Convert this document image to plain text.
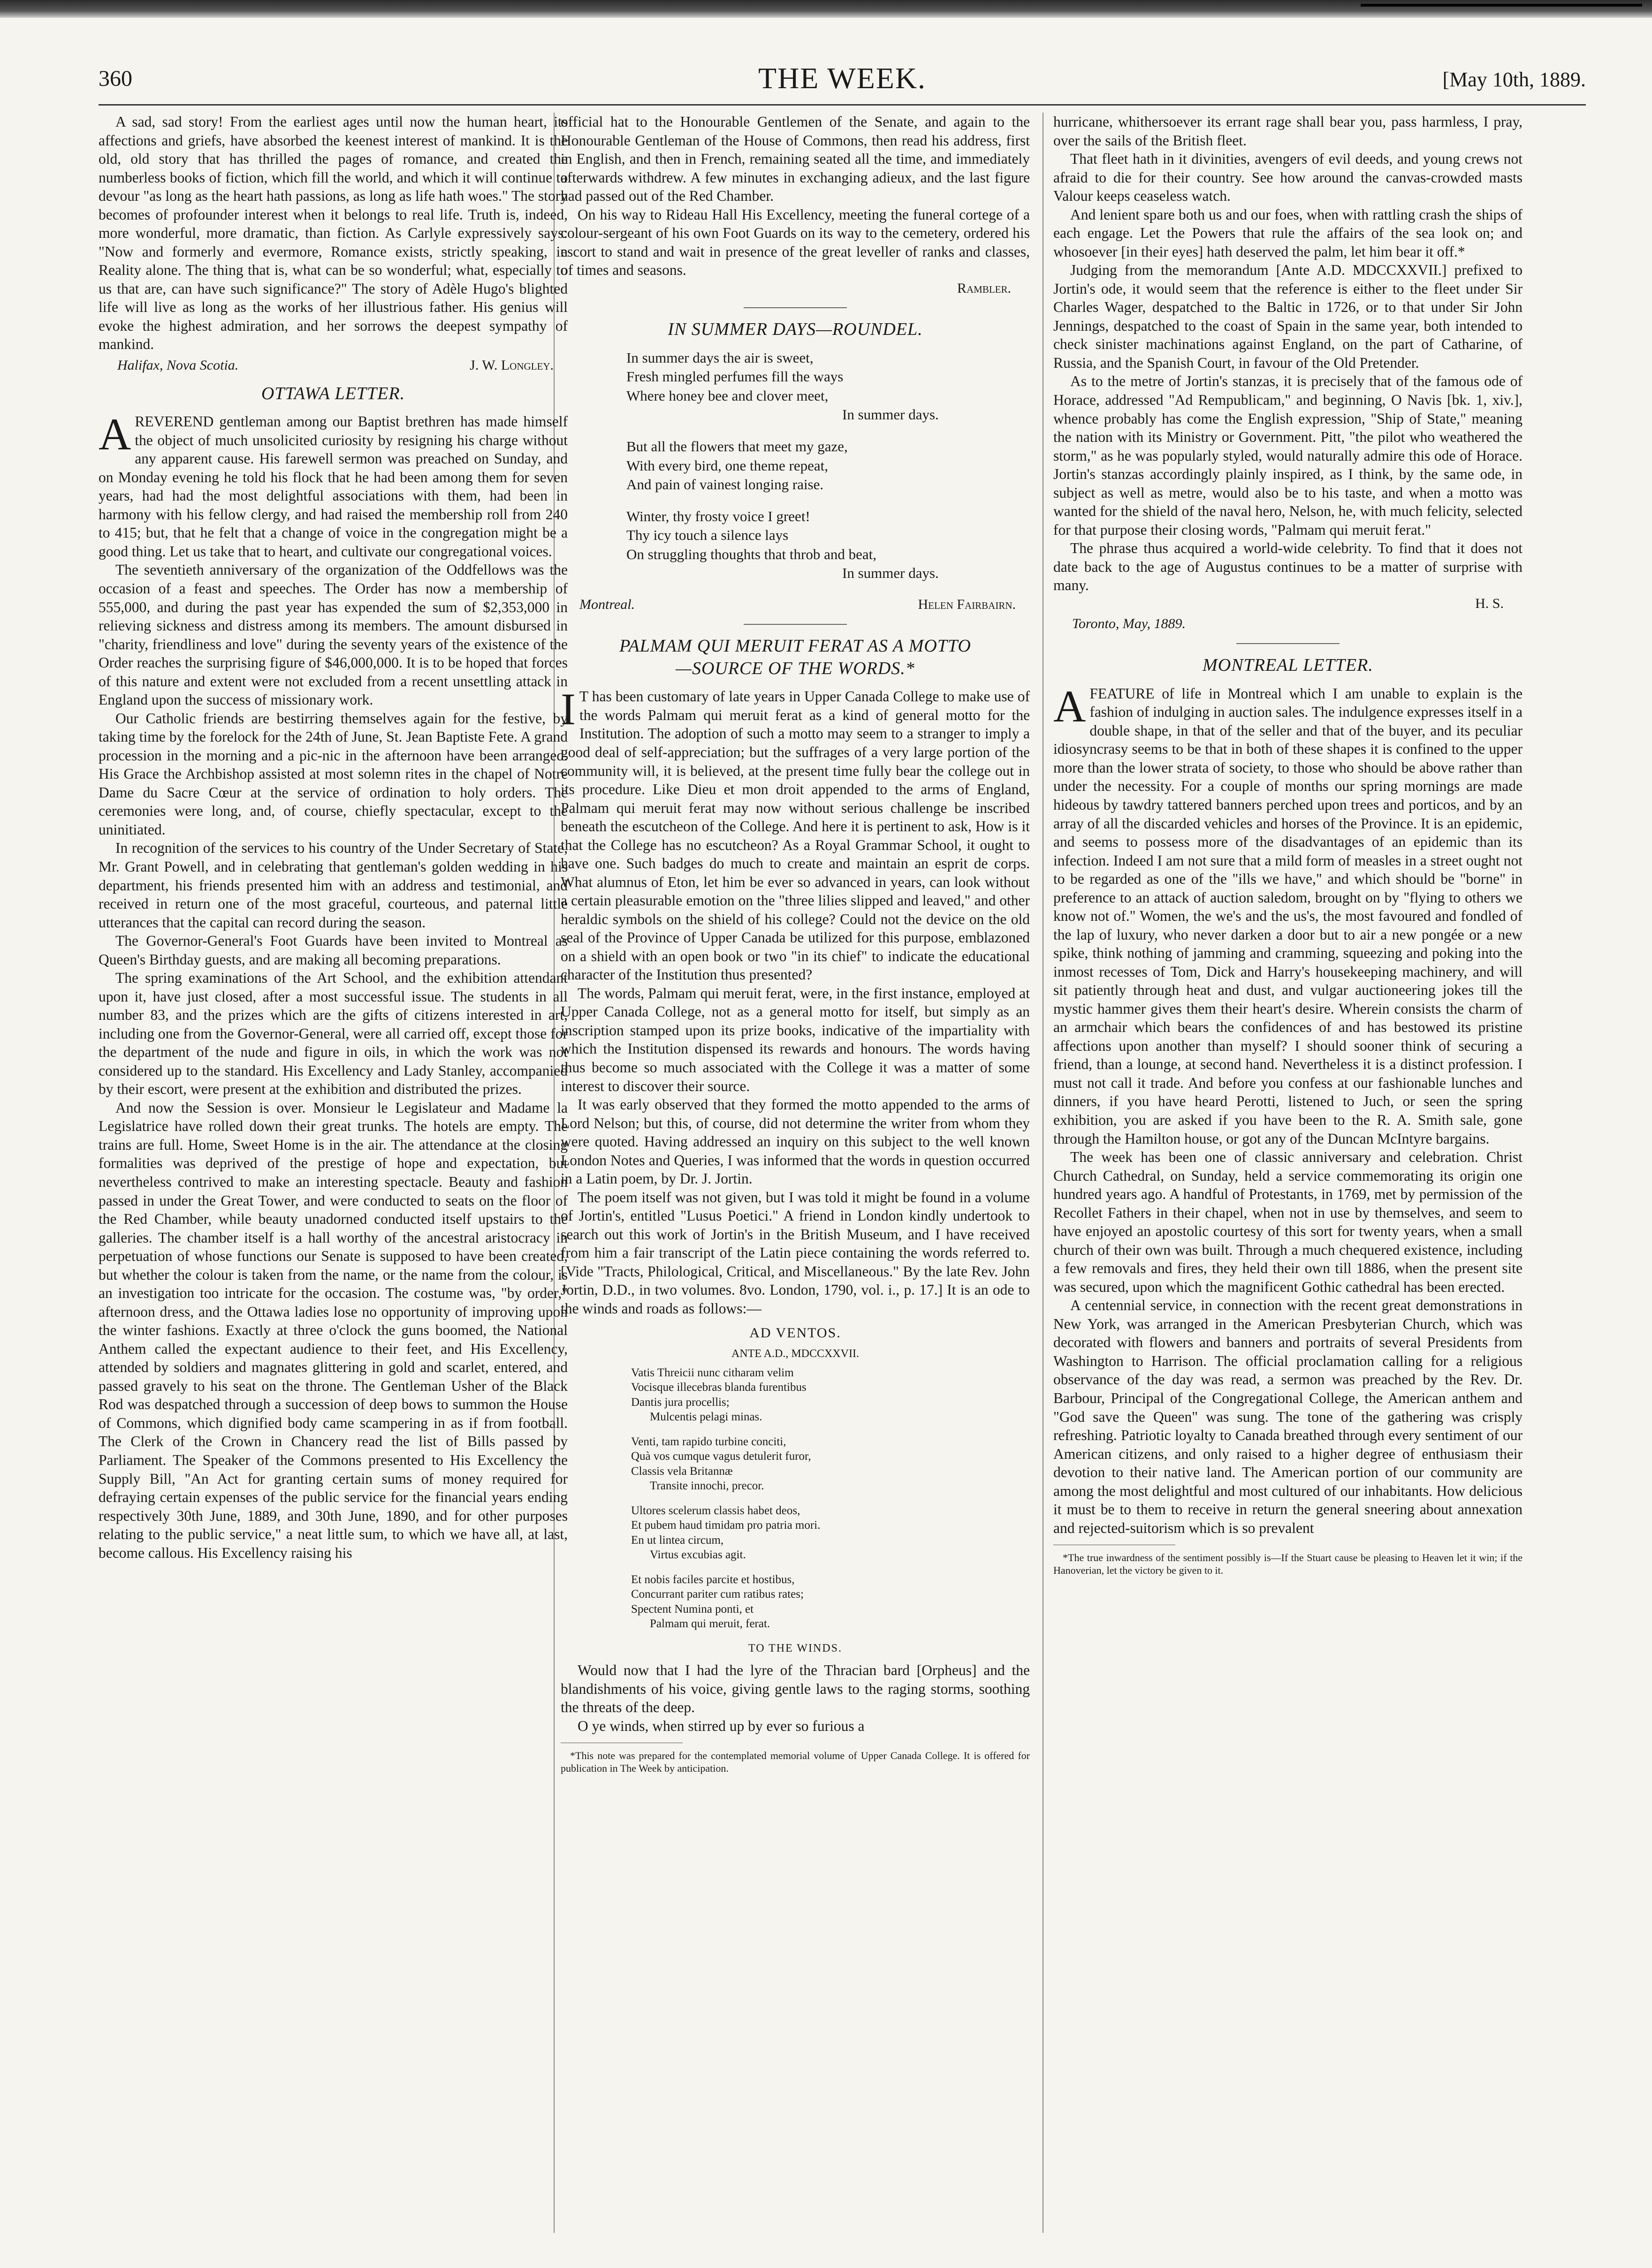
THE WEEK.
360	[May 10th, 1889.

A sad, sad story! From the earliest ages until now the human heart, its affections and griefs, have absorbed the keenest interest of mankind. It is the old, old story that has thrilled the pages of romance, and created the numberless books of fiction, which fill the world, and which it will continue to devour "as long as the heart hath passions, as long as life hath woes." The story becomes of profounder interest when it belongs to real life. Truth is, indeed, more wonderful, more dramatic, than fiction. As Carlyle expressively says: "Now and formerly and evermore, Romance exists, strictly speaking, in Reality alone. The thing that is, what can be so wonderful; what, especially to us that are, can have such significance?" The story of Adèle Hugo's blighted life will live as long as the works of her illustrious father. His genius will evoke the highest admiration, and her sorrows the deepest sympathy of mankind.

Halifax, Nova Scotia.	J. W. Longley.
OTTAWA LETTER.

AREVEREND gentleman among our Baptist brethren has made himself the object of much unsolicited curiosity by resigning his charge without any apparent cause. His farewell sermon was preached on Sunday, and on Monday evening he told his flock that he had been among them for seven years, had had the most delightful associations with them, had been in harmony with his fellow clergy, and had raised the membership roll from 240 to 415; but, that he felt that a change of voice in the congregation might be a good thing. Let us take that to heart, and cultivate our congregational voices.

The seventieth anniversary of the organization of the Oddfellows was the occasion of a feast and speeches. The Order has now a membership of 555,000, and during the past year has expended the sum of $2,353,000 in relieving sickness and distress among its members. The amount disbursed in "charity, friendliness and love" during the seventy years of the existence of the Order reaches the surprising figure of $46,000,000. It is to be hoped that forces of this nature and extent were not excluded from a recent unsettling attack in England upon the success of missionary work.

Our Catholic friends are bestirring themselves again for the festive, by taking time by the forelock for the 24th of June, St. Jean Baptiste Fete. A grand procession in the morning and a pic-nic in the afternoon have been arranged. His Grace the Archbishop assisted at most solemn rites in the chapel of Notre Dame du Sacre Cœur at the service of ordination to holy orders. The ceremonies were long, and, of course, chiefly spectacular, except to the uninitiated.

In recognition of the services to his country of the Under Secretary of State, Mr. Grant Powell, and in celebrating that gentleman's golden wedding in his department, his friends presented him with an address and testimonial, and received in return one of the most graceful, courteous, and paternal little utterances that the capital can record during the season.

The Governor-General's Foot Guards have been invited to Montreal as Queen's Birthday guests, and are making all becoming preparations.

The spring examinations of the Art School, and the exhibition attendant upon it, have just closed, after a most successful issue. The students in all number 83, and the prizes which are the gifts of citizens interested in art, including one from the Governor-General, were all carried off, except those for the department of the nude and figure in oils, in which the work was not considered up to the standard. His Excellency and Lady Stanley, accompanied by their escort, were present at the exhibition and distributed the prizes.

And now the Session is over. Monsieur le Legislateur and Madame la Legislatrice have rolled down their great trunks. The hotels are empty. The trains are full. Home, Sweet Home is in the air. The attendance at the closing formalities was deprived of the prestige of hope and expectation, but nevertheless contrived to make an interesting spectacle. Beauty and fashion passed in under the Great Tower, and were conducted to seats on the floor of the Red Chamber, while beauty unadorned conducted itself upstairs to the galleries. The chamber itself is a hall worthy of the ancestral aristocracy in perpetuation of whose functions our Senate is supposed to have been created, but whether the colour is taken from the name, or the name from the colour, is an investigation too intricate for the occasion. The costume was, "by order," afternoon dress, and the Ottawa ladies lose no opportunity of improving upon the winter fashions. Exactly at three o'clock the guns boomed, the National Anthem called the expectant audience to their feet, and His Excellency, attended by soldiers and magnates glittering in gold and scarlet, entered, and passed gravely to his seat on the throne. The Gentleman Usher of the Black Rod was despatched through a succession of deep bows to summon the House of Commons, which dignified body came scampering in as if from football. The Clerk of the Crown in Chancery read the list of Bills passed by Parliament. The Speaker of the Commons presented to His Excellency the Supply Bill, "An Act for granting certain sums of money required for defraying certain expenses of the public service for the financial years ending respectively 30th June, 1889, and 30th June, 1890, and for other purposes relating to the public service," a neat little sum, to which we have all, at last, become callous. His Excellency raising his

official hat to the Honourable Gentlemen of the Senate, and again to the Honourable Gentleman of the House of Commons, then read his address, first in English, and then in French, remaining seated all the time, and immediately afterwards withdrew. A few minutes in exchanging adieux, and the last figure had passed out of the Red Chamber.

On his way to Rideau Hall His Excellency, meeting the funeral cortege of a colour-sergeant of his own Foot Guards on its way to the cemetery, ordered his escort to stand and wait in presence of the great leveller of ranks and classes, of times and seasons.

Rambler.
IN SUMMER DAYS—ROUNDEL.
In summer days the air is sweet,
Fresh mingled perfumes fill the ways
Where honey bee and clover meet,
In summer days.
But all the flowers that meet my gaze,
With every bird, one theme repeat,
And pain of vainest longing raise.
Winter, thy frosty voice I greet!
Thy icy touch a silence lays
On struggling thoughts that throb and beat,
In summer days.
Montreal.	Helen Fairbairn.
PALMAM QUI MERUIT FERAT AS A MOTTO
—SOURCE OF THE WORDS.*

IT has been customary of late years in Upper Canada College to make use of the words Palmam qui meruit ferat as a kind of general motto for the Institution. The adoption of such a motto may seem to a stranger to imply a good deal of self-appreciation; but the suffrages of a very large portion of the community will, it is believed, at the present time fully bear the college out in its procedure. Like Dieu et mon droit appended to the arms of England, Palmam qui meruit ferat may now without serious challenge be inscribed beneath the escutcheon of the College. And here it is pertinent to ask, How is it that the College has no escutcheon? As a Royal Grammar School, it ought to have one. Such badges do much to create and maintain an esprit de corps. What alumnus of Eton, let him be ever so advanced in years, can look without a certain pleasurable emotion on the "three lilies slipped and leaved," and other heraldic symbols on the shield of his college? Could not the device on the old seal of the Province of Upper Canada be utilized for this purpose, emblazoned on a shield with an open book or two "in its chief" to indicate the educational character of the Institution thus presented?

The words, Palmam qui meruit ferat, were, in the first instance, employed at Upper Canada College, not as a general motto for itself, but simply as an inscription stamped upon its prize books, indicative of the impartiality with which the Institution dispensed its rewards and honours. The words having thus become so much associated with the College it was a matter of some interest to discover their source.

It was early observed that they formed the motto appended to the arms of Lord Nelson; but this, of course, did not determine the writer from whom they were quoted. Having addressed an inquiry on this subject to the well known London Notes and Queries, I was informed that the words in question occurred in a Latin poem, by Dr. J. Jortin.

The poem itself was not given, but I was told it might be found in a volume of Jortin's, entitled "Lusus Poetici." A friend in London kindly undertook to search out this work of Jortin's in the British Museum, and I have received from him a fair transcript of the Latin piece containing the words referred to. [Vide "Tracts, Philological, Critical, and Miscellaneous." By the late Rev. John Jortin, D.D., in two volumes. 8vo. London, 1790, vol. i., p. 17.] It is an ode to the winds and roads as follows:—

AD VENTOS.
ANTE A.D., MDCCXXVII.
Vatis Threicii nunc citharam velim
Vocisque illecebras blanda furentibus
Dantis jura procellis;
Mulcentis pelagi minas.
Venti, tam rapido turbine conciti,
Quà vos cumque vagus detulerit furor,
Classis vela Britannæ
Transite innochi, precor.
Ultores scelerum classis habet deos,
Et pubem haud timidam pro patria mori.
En ut lintea circum,
Virtus excubias agit.
Et nobis faciles parcite et hostibus,
Concurrant pariter cum ratibus rates;
Spectent Numina ponti, et
Palmam qui meruit, ferat.
TO THE WINDS.

Would now that I had the lyre of the Thracian bard [Orpheus] and the blandishments of his voice, giving gentle laws to the raging storms, soothing the threats of the deep.

O ye winds, when stirred up by ever so furious a

*This note was prepared for the contemplated memorial volume of Upper Canada College. It is offered for publication in The Week by anticipation.

hurricane, whithersoever its errant rage shall bear you, pass harmless, I pray, over the sails of the British fleet.

That fleet hath in it divinities, avengers of evil deeds, and young crews not afraid to die for their country. See how around the canvas-crowded masts Valour keeps ceaseless watch.

And lenient spare both us and our foes, when with rattling crash the ships of each engage. Let the Powers that rule the affairs of the sea look on; and whosoever [in their eyes] hath deserved the palm, let him bear it off.*

Judging from the memorandum [Ante A.D. MDCCXXVII.] prefixed to Jortin's ode, it would seem that the reference is either to the fleet under Sir Charles Wager, despatched to the Baltic in 1726, or to that under Sir John Jennings, despatched to the coast of Spain in the same year, both intended to check sinister machinations against England, on the part of Catharine, of Russia, and the Spanish Court, in favour of the Old Pretender.

As to the metre of Jortin's stanzas, it is precisely that of the famous ode of Horace, addressed "Ad Rempublicam," and beginning, O Navis [bk. 1, xiv.], whence probably has come the English expression, "Ship of State," meaning the nation with its Ministry or Government. Pitt, "the pilot who weathered the storm," as he was popularly styled, would naturally admire this ode of Horace. Jortin's stanzas accordingly plainly inspired, as I think, by the same ode, in subject as well as metre, would also be to his taste, and when a motto was wanted for the shield of the naval hero, Nelson, he, with much felicity, selected for that purpose their closing words, "Palmam qui meruit ferat."

The phrase thus acquired a world-wide celebrity. To find that it does not date back to the age of Augustus continues to be a matter of surprise with many.

H. S.
Toronto, May, 1889.
MONTREAL LETTER.

AFEATURE of life in Montreal which I am unable to explain is the fashion of indulging in auction sales. The indulgence expresses itself in a double shape, in that of the seller and that of the buyer, and its peculiar idiosyncrasy seems to be that in both of these shapes it is confined to the upper more than the lower strata of society, to those who should be above rather than under the necessity. For a couple of months our spring mornings are made hideous by tawdry tattered banners perched upon trees and porticos, and by an array of all the discarded vehicles and horses of the Province. It is an epidemic, and seems to possess more of the disadvantages of an epidemic than its infection. Indeed I am not sure that a mild form of measles in a street ought not to be regarded as one of the "ills we have," and which should be "borne" in preference to an attack of auction saledom, brought on by "flying to others we know not of." Women, the we's and the us's, the most favoured and fondled of the lap of luxury, who never darken a door but to air a new pongée or a new spike, think nothing of jamming and cramming, squeezing and poking into the inmost recesses of Tom, Dick and Harry's housekeeping machinery, and will sit patiently through heat and dust, and vulgar auctioneering jokes till the mystic hammer gives them their heart's desire. Wherein consists the charm of an armchair which bears the confidences of and has bestowed its pristine affections upon another than myself? I should sooner think of securing a friend, than a lounge, at second hand. Nevertheless it is a distinct profession. I must not call it trade. And before you confess at our fashionable lunches and dinners, if you have heard Perotti, listened to Juch, or seen the spring exhibition, you are asked if you have been to the R. A. Smith sale, gone through the Hamilton house, or got any of the Duncan McIntyre bargains.

The week has been one of classic anniversary and celebration. Christ Church Cathedral, on Sunday, held a service commemorating its origin one hundred years ago. A handful of Protestants, in 1769, met by permission of the Recollet Fathers in their chapel, when not in use by themselves, and seem to have enjoyed an apostolic courtesy of this sort for twenty years, when a small church of their own was built. Through a much chequered existence, including a few removals and fires, they held their own till 1886, when the present site was secured, upon which the magnificent Gothic cathedral has been erected.

A centennial service, in connection with the recent great demonstrations in New York, was arranged in the American Presbyterian Church, which was decorated with flowers and banners and portraits of several Presidents from Washington to Harrison. The official proclamation calling for a religious observance of the day was read, a sermon was preached by the Rev. Dr. Barbour, Principal of the Congregational College, the American anthem and "God save the Queen" was sung. The tone of the gathering was crisply refreshing. Patriotic loyalty to Canada breathed through every sentiment of our American citizens, and only raised to a higher degree of enthusiasm their devotion to their native land. The American portion of our community are among the most delightful and most cultured of our inhabitants. How delicious it must be to them to receive in return the general sneering about annexation and rejected-suitorism which is so prevalent

*The true inwardness of the sentiment possibly is—If the Stuart cause be pleasing to Heaven let it win; if the Hanoverian, let the victory be given to it.
